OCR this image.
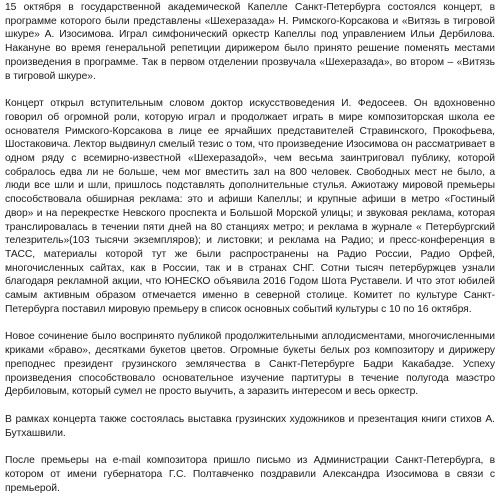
15 октября в государственной академической Капелле Санкт-Петербурга состоялся концерт, в программе которого были представлены «Шехеразада» Н. Римского-Корсакова и «Витязь в тигровой шкуре» А. Изосимова. Играл симфонический оркестр Капеллы под управлением Ильи Дербилова. Накануне во время генеральной репетиции дирижером было принято решение поменять местами произведения в программе. Так в первом отделении прозвучала «Шехеразада», во втором – «Витязь в тигровой шкуре».

Концерт открыл вступительным словом доктор искусствоведения И. Федосеев. Он вдохновенно говорил об огромной роли, которую играл и продолжает играть в мире композиторская школа ее основателя Римского-Корсакова в лице ее ярчайших представителей Стравинского, Прокофьева, Шостаковича. Лектор выдвинул смелый тезис о том, что произведение Изосимова он рассматривает в одном ряду с всемирно-известной «Шехеразадой», чем весьма заинтриговал публику, которой собралось едва ли не больше, чем мог вместить зал на 800 человек. Свободных мест не было, а люди все шли и шли, пришлось подставлять дополнительные стулья. Ажиотажу мировой премьеры способствовала обширная реклама: это и афиши Капеллы; и крупные афиши в метро «Гостиный двор» и на перекрестке Невского проспекта и Большой Морской улицы; и звуковая реклама, которая транслировалась в течении пяти дней на 80 станциях метро; и реклама в журнале « Петербургский телезритель»(103 тысячи экземпляров); и листовки; и реклама на Радио; и пресс-конференция в ТАСС, материалы которой тут же были распространены на Радио России, Радио Орфей, многочисленных сайтах, как в России, так и в странах СНГ. Сотни тысяч петербуржцев узнали благодаря рекламной акции, что ЮНЕСКО объявила 2016 Годом Шота Руставели. И что этот юбилей самым активным образом отмечается именно в северной столице. Комитет по культуре Санкт-Петербурга поставил мировую премьеру в список основных событий культуры с 10 по 16 октября.

Новое сочинение было воспринято публикой продолжительными аплодисментами, многочисленными криками «браво», десятками букетов цветов. Огромные букеты белых роз композитору и дирижеру преподнес президент грузинского землячества в Санкт-Петербурге Бадри Какабадзе. Успеху произведения способствовало основательное изучение партитуры в течение полугода маэстро Дербиловым, который сумел не просто выучить, а заразить интересом и весь оркестр.

В рамках концерта также состоялась выставка грузинских художников и презентация книги стихов А. Бутхашвили.

После премьеры на e-mail композитора пришло письмо из Администрации Санкт-Петербурга, в котором от имени губернатора Г.С. Полтавченко поздравили Александра Изосимова в связи с премьерой.
